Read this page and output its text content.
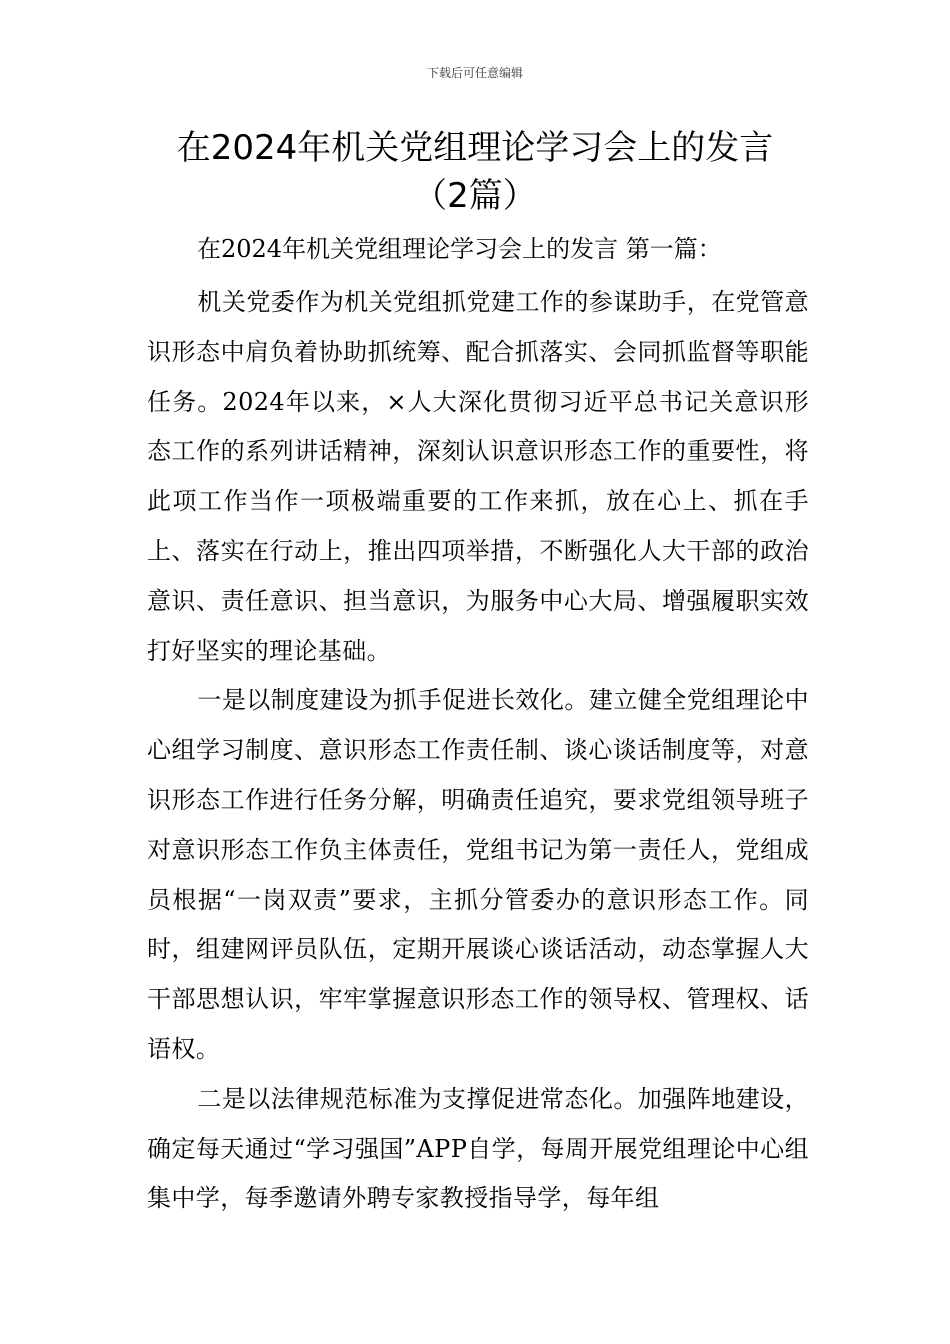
下载后可任意编辑
在2024年机关党组理论学习会上的发言
（2篇）
在2024年机关党组理论学习会上的发言 第一篇：

机关党委作为机关党组抓党建工作的参谋助手，在党管意识形态中肩负着协助抓统筹、配合抓落实、会同抓监督等职能任务。2024年以来，×人大深化贯彻习近平总书记关意识形态工作的系列讲话精神，深刻认识意识形态工作的重要性，将此项工作当作一项极端重要的工作来抓，放在心上、抓在手上、落实在行动上，推出四项举措，不断强化人大干部的政治意识、责任意识、担当意识，为服务中心大局、增强履职实效打好坚实的理论基础。

一是以制度建设为抓手促进长效化。建立健全党组理论中心组学习制度、意识形态工作责任制、谈心谈话制度等，对意识形态工作进行任务分解，明确责任追究，要求党组领导班子对意识形态工作负主体责任，党组书记为第一责任人，党组成员根据“一岗双责”要求，主抓分管委办的意识形态工作。同时，组建网评员队伍，定期开展谈心谈话活动，动态掌握人大干部思想认识，牢牢掌握意识形态工作的领导权、管理权、话语权。

二是以法律规范标准为支撑促进常态化。加强阵地建设，确定每天通过“学习强国”APP自学，每周开展党组理论中心组集中学，每季邀请外聘专家教授指导学，每年组
